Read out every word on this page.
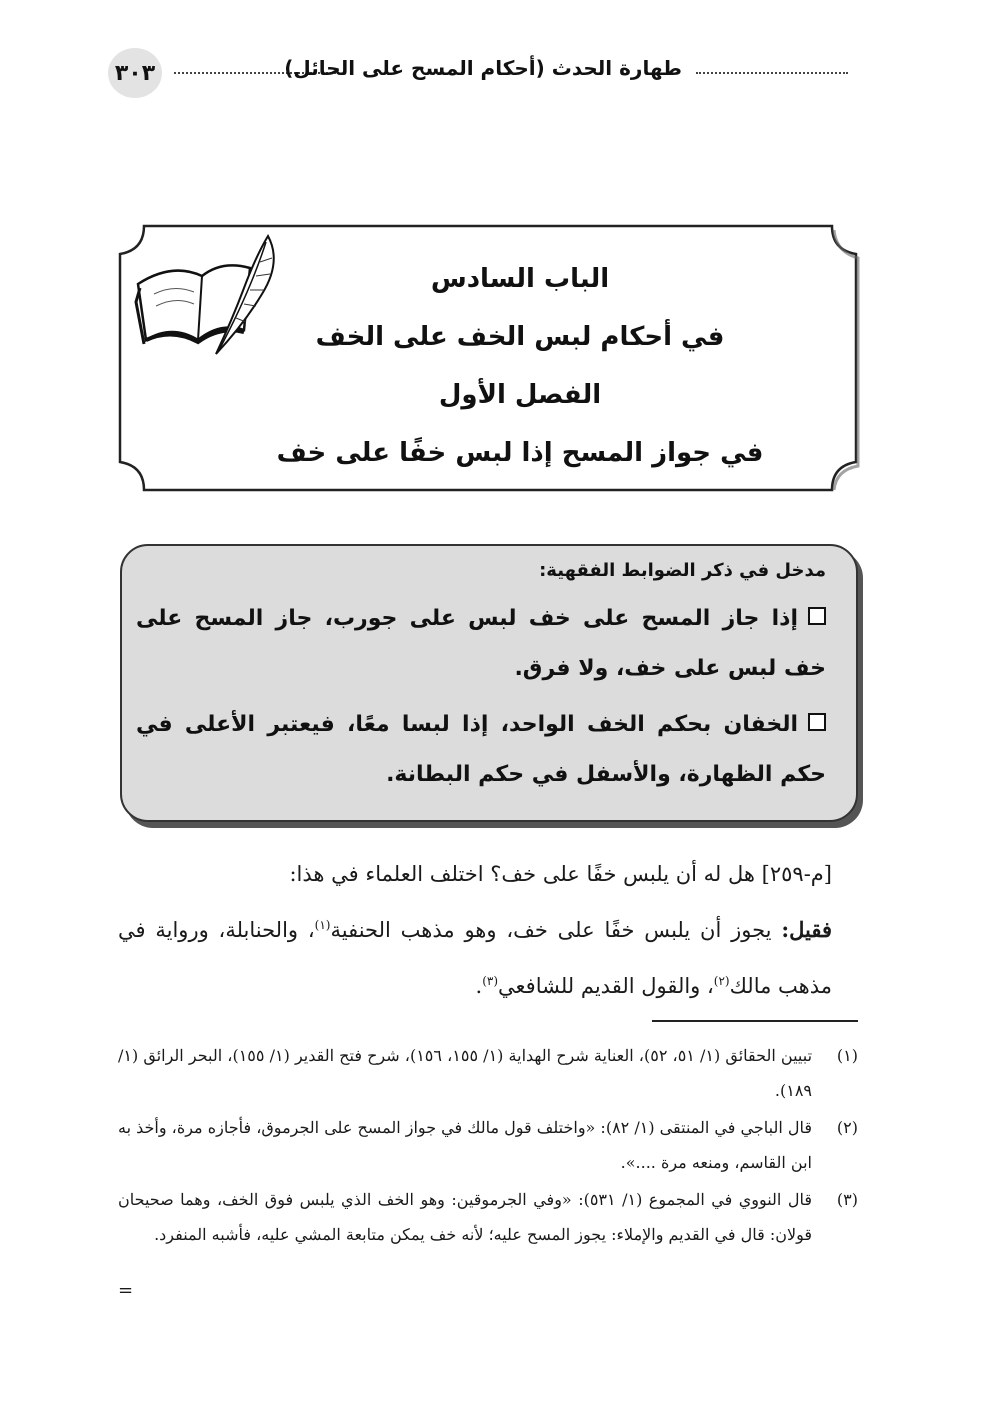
٣٠٣	طهارة الحدث (أحكام المسح على الحائل)
الباب السادس
في أحكام لبس الخف على الخف
الفصل الأول
في جواز المسح إذا لبس خفًا على خف
مدخل في ذكر الضوابط الفقهية:
إذا جاز المسح على خف لبس على جورب، جاز المسح على خف لبس على خف، ولا فرق.
الخفان بحكم الخف الواحد، إذا لبسا معًا، فيعتبر الأعلى في حكم الظهارة، والأسفل في حكم البطانة.

[م-٢٥٩] هل له أن يلبس خفًا على خف؟ اختلف العلماء في هذا:

فقيل: يجوز أن يلبس خفًا على خف، وهو مذهب الحنفية$^{(١)}$، والحنابلة، ورواية في مذهب مالك$^{(٢)}$، والقول القديم للشافعي$^{(٣)}$.

(١)
تبيين الحقائق (١/ ٥١، ٥٢)، العناية شرح الهداية (١/ ١٥٥، ١٥٦)، شرح فتح القدير (١/ ١٥٥)، البحر الرائق (١/ ١٨٩).
(٢)
قال الباجي في المنتقى (١/ ٨٢): «واختلف قول مالك في جواز المسح على الجرموق، فأجازه مرة، وأخذ به ابن القاسم، ومنعه مرة ....».
(٣)
قال النووي في المجموع (١/ ٥٣١): «وفي الجرموقين: وهو الخف الذي يلبس فوق الخف، وهما صحيحان قولان: قال في القديم والإملاء: يجوز المسح عليه؛ لأنه خف يمكن متابعة المشي عليه، فأشبه المنفرد.
=
